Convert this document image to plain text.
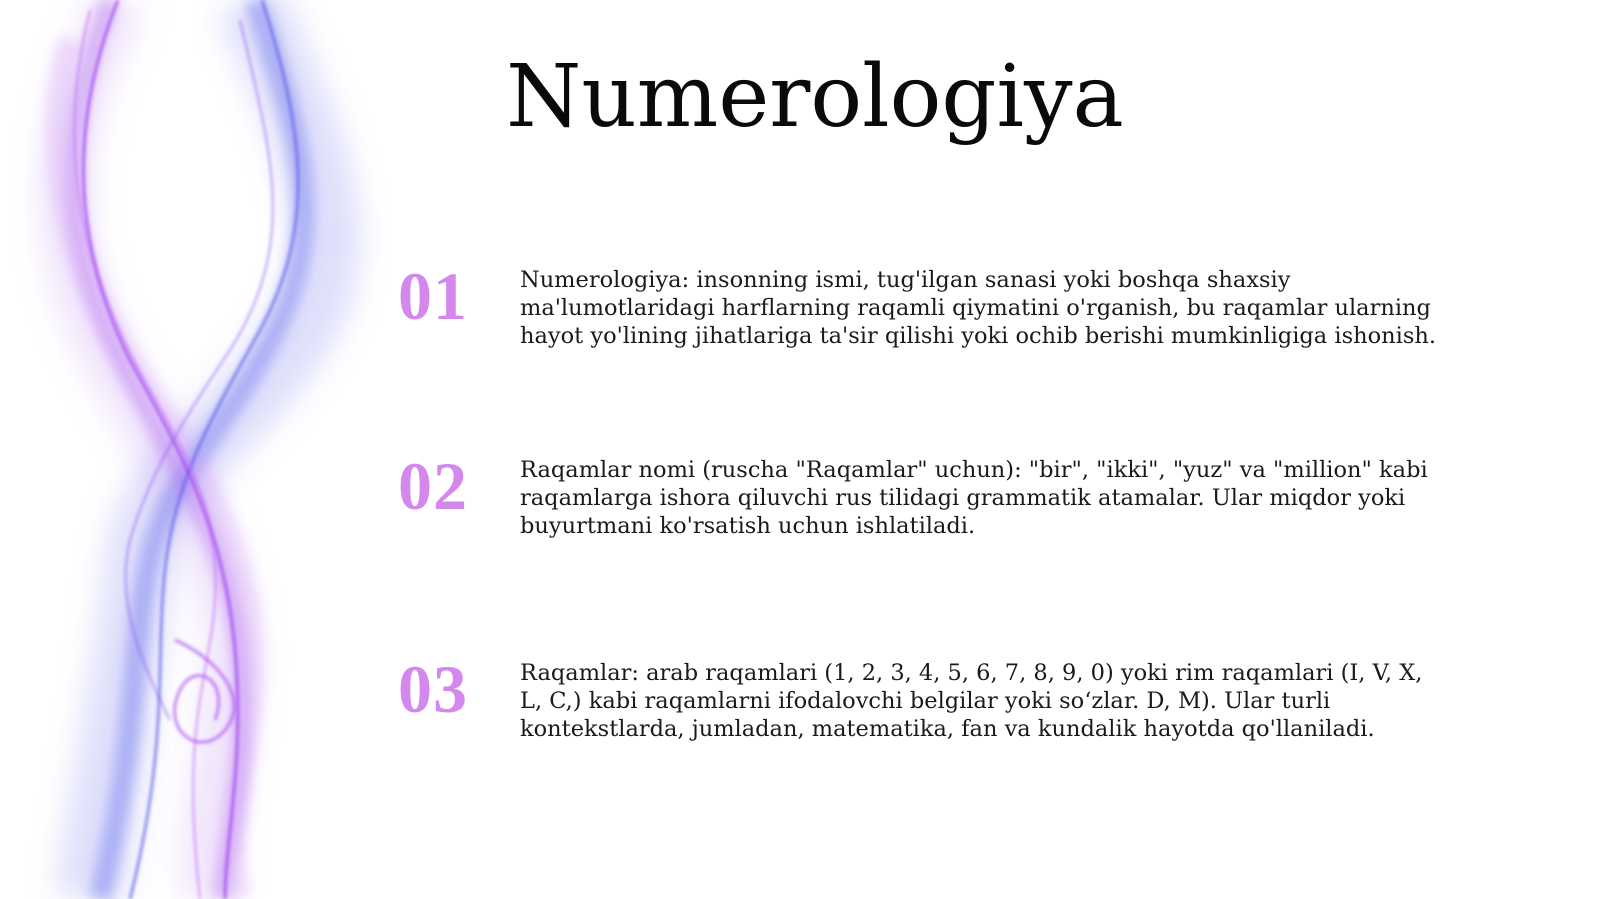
Numerologiya
01 Numerologiya: insonning ismi, tug'ilgan sanasi yoki boshqa shaxsiy ma'lumotlaridagi harflarning raqamli qiymatini o'rganish, bu raqamlar ularning hayot yo'lining jihatlariga ta'sir qilishi yoki ochib berishi mumkinligiga ishonish.

02 Raqamlar nomi (ruscha "Raqamlar" uchun): "bir", "ikki", "yuz" va "million" kabi raqamlarga ishora qiluvchi rus tilidagi grammatik atamalar. Ular miqdor yoki buyurtmani ko'rsatish uchun ishlatiladi.

03 Raqamlar: arab raqamlari (1, 2, 3, 4, 5, 6, 7, 8, 9, 0) yoki rim raqamlari (I, V, X, L, C,) kabi raqamlarni ifodalovchi belgilar yoki so‘zlar. D, M). Ular turli kontekstlarda, jumladan, matematika, fan va kundalik hayotda qo'llaniladi.
